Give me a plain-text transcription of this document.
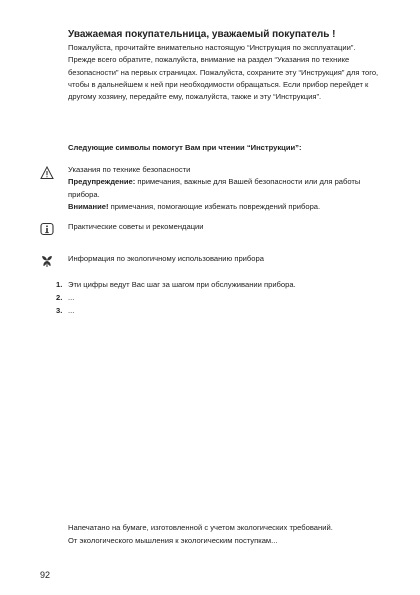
Уважаемая покупательница, уважаемый покупатель !

Пожалуйста, прочитайте внимательно настоящую “Инструкция по эксплуатации”.

Прежде всего обратите, пожалуйста, внимание на раздел “Указания по технике безопасности” на первых страницах. Пожалуйста, сохраните эту “Инструкция” для того, чтобы в дальнейшем к ней при необходимости обращаться. Если прибор перейдет к другому хозяину, передайте ему, пожалуйста, также и эту “Инструкция”.

Следующие символы помогут Вам при чтении “Инструкции”:

Указания по технике безопасности

Предупреждение: примечания, важные для Вашей безопасности или для работы прибора.

Внимание! примечания, помогающие избежать повреждений прибора.

Практические советы и рекомендации

Информация по экологичному использованию прибора

1. Эти цифры ведут Вас шаг за шагом при обслуживании прибора.
2. ...
3. ...

Напечатано на бумаге, изготовленной с учетом экологических требований.

От экологического мышления к экологическим поступкам...

92
